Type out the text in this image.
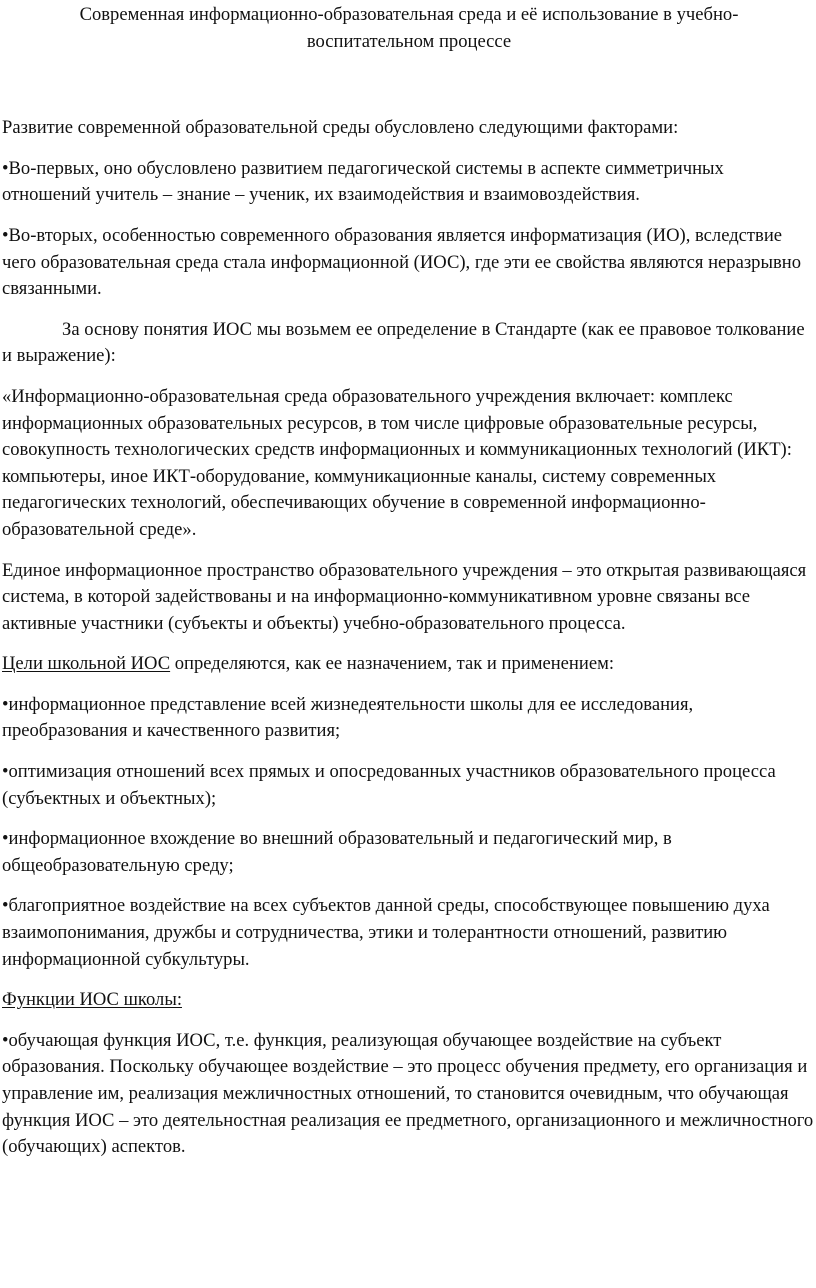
Современная информационно-образовательная среда и её использование в учебно-воспитательном процессе

Развитие современной образовательной среды обусловлено следующими факторами:

•Во-первых, оно обусловлено развитием педагогической системы в аспекте симметричных отношений учитель – знание – ученик, их взаимодействия и взаимовоздействия.

•Во-вторых, особенностью современного образования является информатизация (ИО), вследствие чего образовательная среда стала информационной (ИОС), где эти ее свойства являются неразрывно связанными.

За основу понятия ИОС мы возьмем ее определение в Стандарте (как ее правовое толкование и выражение):

«Информационно-образовательная среда образовательного учреждения включает: комплекс информационных образовательных ресурсов, в том числе цифровые образовательные ресурсы, совокупность технологических средств информационных и коммуникационных технологий (ИКТ): компьютеры, иное ИКТ-оборудование, коммуникационные каналы, систему современных педагогических технологий, обеспечивающих обучение в современной информационно-образовательной среде».

Единое информационное пространство образовательного учреждения – это открытая развивающаяся система, в которой задействованы и на информационно-коммуникативном уровне связаны все активные участники (субъекты и объекты) учебно-образовательного процесса.

Цели школьной ИОС определяются, как ее назначением, так и применением:

•информационное представление всей жизнедеятельности школы для ее исследования, преобразования и качественного развития;

•оптимизация отношений всех прямых и опосредованных участников образовательного процесса (субъектных и объектных);

•информационное вхождение во внешний образовательный и педагогический мир, в общеобразовательную среду;

•благоприятное воздействие на всех субъектов данной среды, способствующее повышению духа взаимопонимания, дружбы и сотрудничества, этики и толерантности отношений, развитию информационной субкультуры.

Функции ИОС школы:

•обучающая функция ИОС, т.е. функция, реализующая обучающее воздействие на субъект образования. Поскольку обучающее воздействие – это процесс обучения предмету, его организация и управление им, реализация межличностных отношений, то становится очевидным, что обучающая функция ИОС – это деятельностная реализация ее предметного, организационного и межличностного (обучающих) аспектов.
